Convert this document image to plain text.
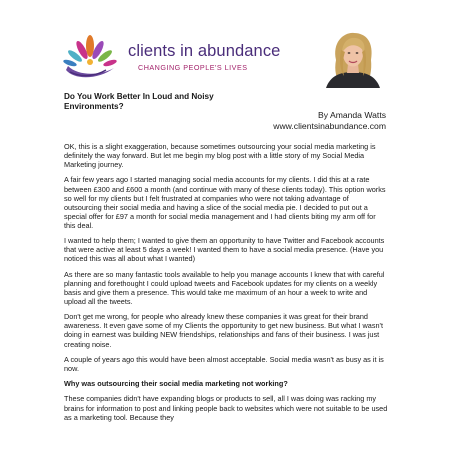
clients in abundance
CHANGING PEOPLE'S LIVES
Do You Work Better In Loud and Noisy Environments?
By Amanda Watts
www.clientsinabundance.com

OK, this is a slight exaggeration, because sometimes outsourcing your social media marketing is definitely the way forward. But let me begin my blog post with a little story of my Social Media Marketing journey.

A fair few years ago I started managing social media accounts for my clients. I did this at a rate between £300 and £600 a month (and continue with many of these clients today). This option works so well for my clients but I felt frustrated at companies who were not taking advantage of outsourcing their social media and having a slice of the social media pie. I decided to put out a special offer for £97 a month for social media management and I had clients biting my arm off for this deal.

I wanted to help them; I wanted to give them an opportunity to have Twitter and Facebook accounts that were active at least 5 days a week! I wanted them to have a social media presence. (Have you noticed this was all about what I wanted)

As there are so many fantastic tools available to help you manage accounts I knew that with careful planning and forethought I could upload tweets and Facebook updates for my clients on a weekly basis and give them a presence. This would take me maximum of an hour a week to write and upload all the tweets.

Don't get me wrong, for people who already knew these companies it was great for their brand awareness. It even gave some of my Clients the opportunity to get new business. But what I wasn't doing in earnest was building NEW friendships, relationships and fans of their business. I was just creating noise.

A couple of years ago this would have been almost acceptable. Social media wasn't as busy as it is now.

Why was outsourcing their social media marketing not working?

These companies didn't have expanding blogs or products to sell, all I was doing was racking my brains for information to post and linking people back to websites which were not suitable to be used as a marketing tool. Because they
